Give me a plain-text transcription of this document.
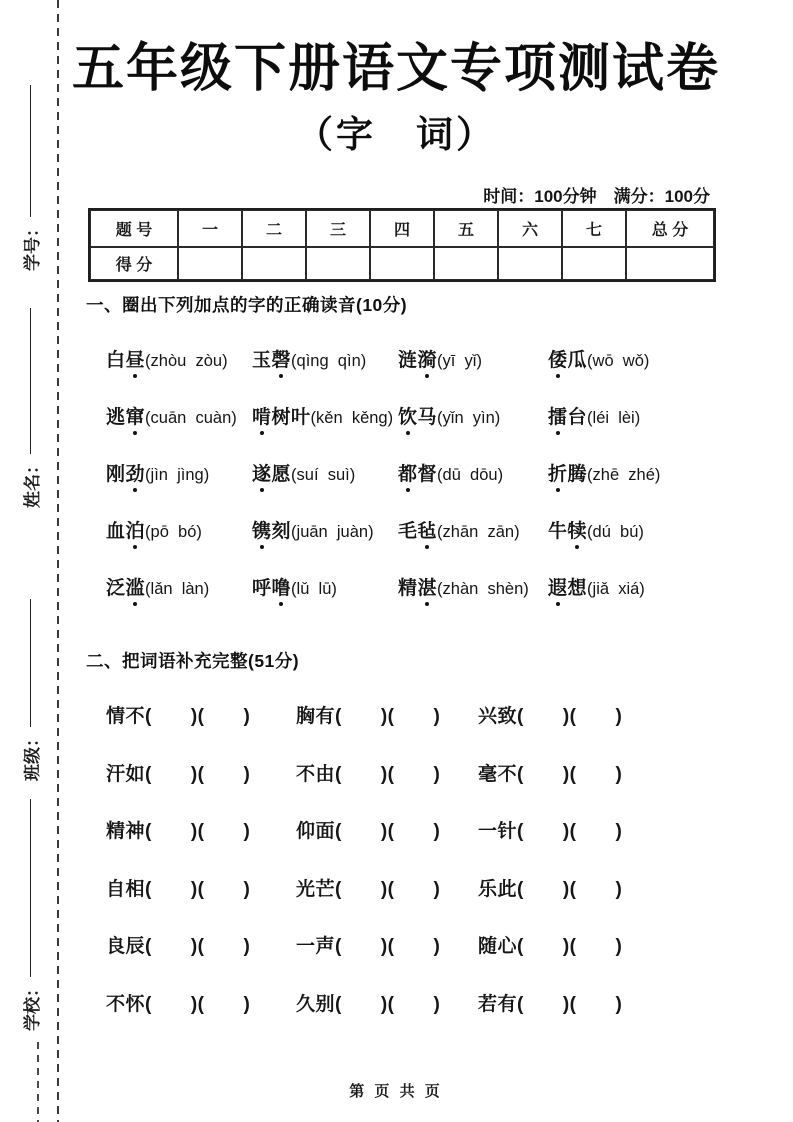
学号：
姓名：
班级：
学校：
五年级下册语文专项测试卷
（字　词）
时间：100分钟　满分：100分
题 号	一	二	三	四	五	六	七	总 分
得 分
一、圈出下列加点的字的正确读音(10分)
白昼(zhòu  zòu)	玉磬(qìng  qìn)	涟漪(yī  yǐ)	倭瓜(wō  wǒ)
逃窜(cuān  cuàn) 啃树叶(kěn  kěng) 饮马(yǐn  yìn)	擂台(léi  lèi)
刚劲(jìn  jìng)	遂愿(suí  suì)	都督(dū  dōu)	折腾(zhē  zhé)
血泊(pō  bó)	镌刻(juān  juàn)	毛毡(zhān  zān)	牛犊(dú  bú)
泛滥(lǎn  làn)	呼噜(lǔ  lū)	精湛(zhàn  shèn)	遐想(jiǎ  xiá)
二、把词语补充完整(51分)
情不(　　)(　　)	胸有(　　)(　　)	兴致(　　)(　　)
汗如(　　)(　　)	不由(　　)(　　)	毫不(　　)(　　)
精神(　　)(　　)	仰面(　　)(　　)	一针(　　)(　　)
自相(　　)(　　)	光芒(　　)(　　)	乐此(　　)(　　)
良辰(　　)(　　)	一声(　　)(　　)	随心(　　)(　　)
不怀(　　)(　　)	久别(　　)(　　)	若有(　　)(　　)
第 页 共 页
